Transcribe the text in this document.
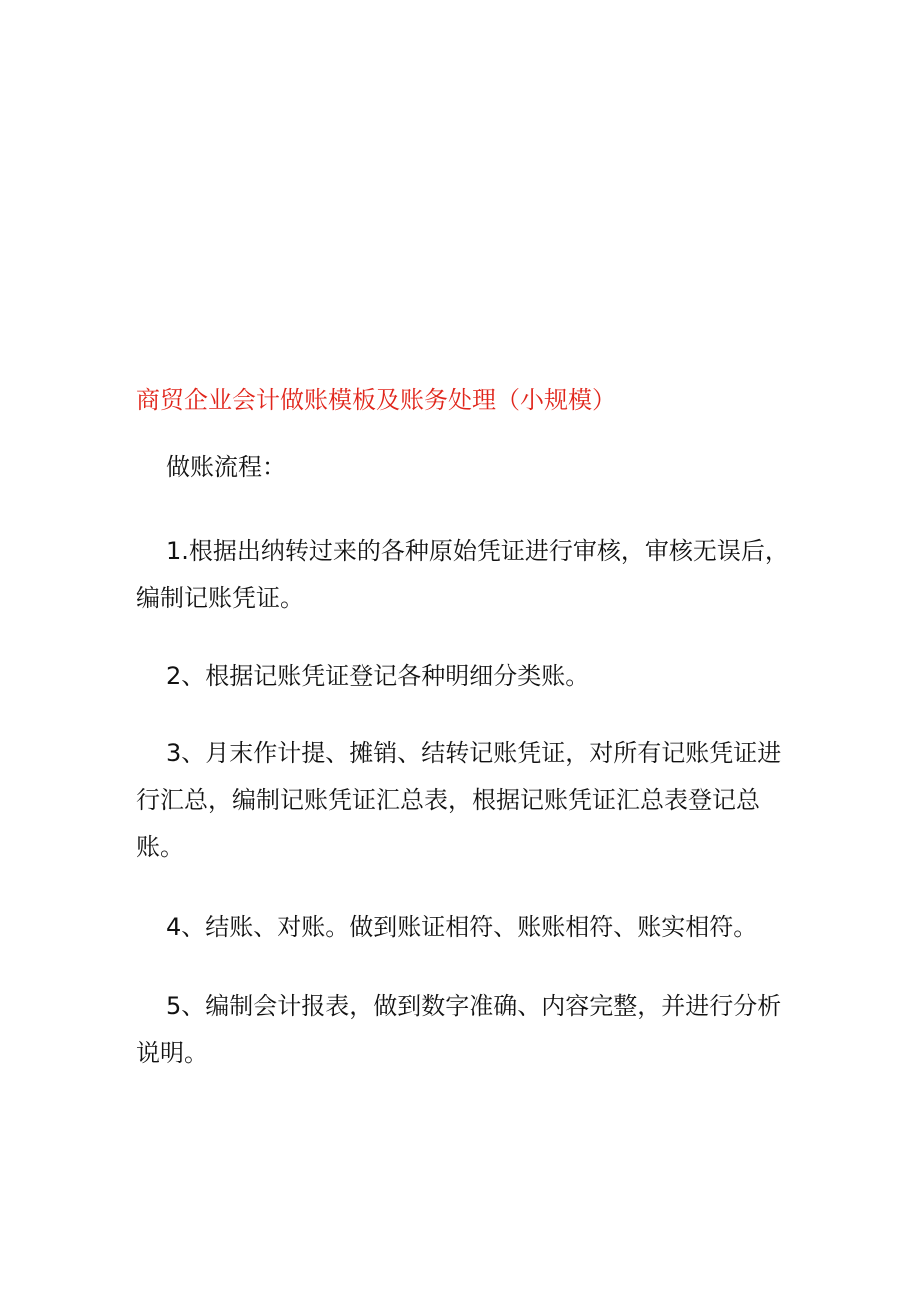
商贸企业会计做账模板及账务处理（小规模）
做账流程：
1.根据出纳转过来的各种原始凭证进行审核，审核无误后，编制记账凭证。
2、根据记账凭证登记各种明细分类账。
3、月末作计提、摊销、结转记账凭证，对所有记账凭证进行汇总，编制记账凭证汇总表，根据记账凭证汇总表登记总账。
4、结账、对账。做到账证相符、账账相符、账实相符。
5、编制会计报表，做到数字准确、内容完整，并进行分析说明。
